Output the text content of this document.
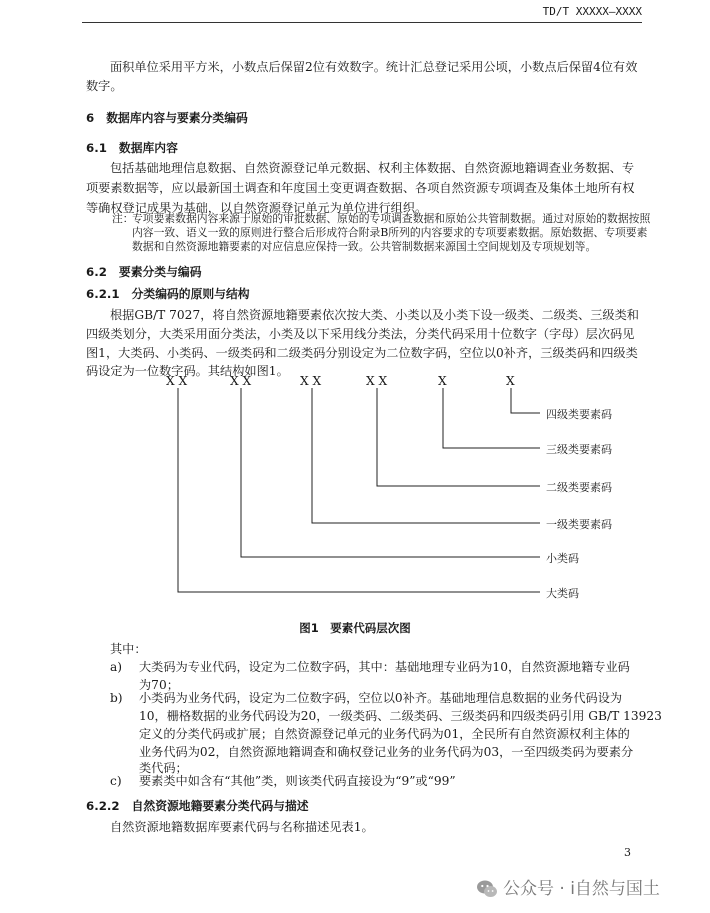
TD/T XXXXX—XXXX
面积单位采用平方米，小数点后保留2位有效数字。统计汇总登记采用公顷，小数点后保留4位有效
数字。
6 数据库内容与要素分类编码
6.1 数据库内容
包括基础地理信息数据、自然资源登记单元数据、权利主体数据、自然资源地籍调查业务数据、专
项要素数据等，应以最新国土调查和年度国土变更调查数据、各项自然资源专项调查及集体土地所有权
等确权登记成果为基础，以自然资源登记单元为单位进行组织。
注：
专项要素数据内容来源于原始的审批数据、原始的专项调查数据和原始公共管制数据。通过对原始的数据按照
内容一致、语义一致的原则进行整合后形成符合附录B所列的内容要求的专项要素数据。原始数据、专项要素
数据和自然资源地籍要素的对应信息应保持一致。公共管制数据来源国土空间规划及专项规划等。
6.2 要素分类与编码
6.2.1 分类编码的原则与结构
根据GB/T 7027，将自然资源地籍要素依次按大类、小类以及小类下设一级类、二级类、三级类和
四级类划分，大类采用面分类法，小类及以下采用线分类法，分类代码采用十位数字（字母）层次码见
图1，大类码、小类码、一级类码和二级类码分别设定为二位数字码，空位以0补齐，三级类码和四级类
码设定为一位数字码。其结构如图1。
X X	X X	X X	X X	X	X
四级类要素码
三级类要素码
二级类要素码
一级类要素码
小类码
大类码
图1　要素代码层次图
其中：
a) 大类码为专业代码，设定为二位数字码，其中：基础地理专业码为10，自然资源地籍专业码
为70；
b) 小类码为业务代码，设定为二位数字码，空位以0补齐。基础地理信息数据的业务代码设为
10，栅格数据的业务代码设为20，一级类码、二级类码、三级类码和四级类码引用 GB/T 13923
定义的分类代码或扩展；自然资源登记单元的业务代码为01，全民所有自然资源权利主体的
业务代码为02，自然资源地籍调查和确权登记业务的业务代码为03，一至四级类码为要素分
类代码；
c) 要素类中如含有“其他”类，则该类代码直接设为“9”或“99”
6.2.2 自然资源地籍要素分类代码与描述
自然资源地籍数据库要素代码与名称描述见表1。
3
公众号 · i自然与国土
